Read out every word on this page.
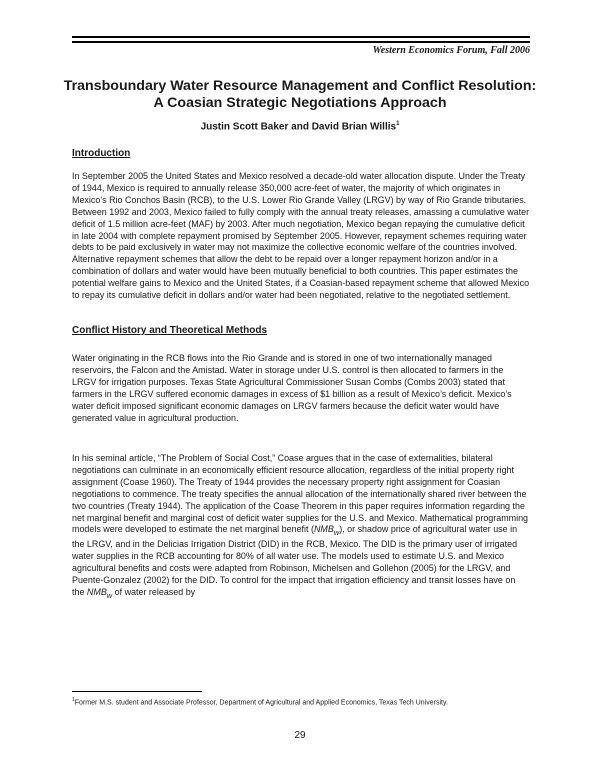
Western Economics Forum, Fall 2006
Transboundary Water Resource Management and Conflict Resolution:
A Coasian Strategic Negotiations Approach
Justin Scott Baker and David Brian Willis$^1$
Introduction

In September 2005 the United States and Mexico resolved a decade-old water allocation dispute. Under the Treaty of 1944, Mexico is required to annually release 350,000 acre-feet of water, the majority of which originates in Mexico’s Rio Conchos Basin (RCB), to the U.S. Lower Rio Grande Valley (LRGV) by way of Rio Grande tributaries. Between 1992 and 2003, Mexico failed to fully comply with the annual treaty releases, amassing a cumulative water deficit of 1.5 million acre-feet (MAF) by 2003. After much negotiation, Mexico began repaying the cumulative deficit in late 2004 with complete repayment promised by September 2005. However, repayment schemes requiring water debts to be paid exclusively in water may not maximize the collective economic welfare of the countries involved. Alternative repayment schemes that allow the debt to be repaid over a longer repayment horizon and/or in a combination of dollars and water would have been mutually beneficial to both countries. This paper estimates the potential welfare gains to Mexico and the United States, if a Coasian-based repayment scheme that allowed Mexico to repay its cumulative deficit in dollars and/or water had been negotiated, relative to the negotiated settlement.

Conflict History and Theoretical Methods

Water originating in the RCB flows into the Rio Grande and is stored in one of two internationally managed reservoirs, the Falcon and the Amistad. Water in storage under U.S. control is then allocated to farmers in the LRGV for irrigation purposes. Texas State Agricultural Commissioner Susan Combs (Combs 2003) stated that farmers in the LRGV suffered economic damages in excess of $1 billion as a result of Mexico’s deficit. Mexico’s water deficit imposed significant economic damages on LRGV farmers because the deficit water would have generated value in agricultural production.

In his seminal article, “The Problem of Social Cost,” Coase argues that in the case of externalities, bilateral negotiations can culminate in an economically efficient resource allocation, regardless of the initial property right assignment (Coase 1960). The Treaty of 1944 provides the necessary property right assignment for Coasian negotiations to commence. The treaty specifies the annual allocation of the internationally shared river between the two countries (Treaty 1944). The application of the Coase Theorem in this paper requires information regarding the net marginal benefit and marginal cost of deficit water supplies for the U.S. and Mexico. Mathematical programming models were developed to estimate the net marginal benefit $(NMB_w)$, or shadow price of agricultural water use in the LRGV, and in the Delicias Irrigation District (DID) in the RCB, Mexico. The DID is the primary user of irrigated water supplies in the RCB accounting for 80% of all water use. The models used to estimate U.S. and Mexico agricultural benefits and costs were adapted from Robinson, Michelsen and Gollehon (2005) for the LRGV, and Puente-Gonzalez (2002) for the DID. To control for the impact that irrigation efficiency and transit losses have on the $NMB_w$ of water released by

$^1$Former M.S. student and Associate Professor, Department of Agricultural and Applied Economics, Texas Tech University.

29
